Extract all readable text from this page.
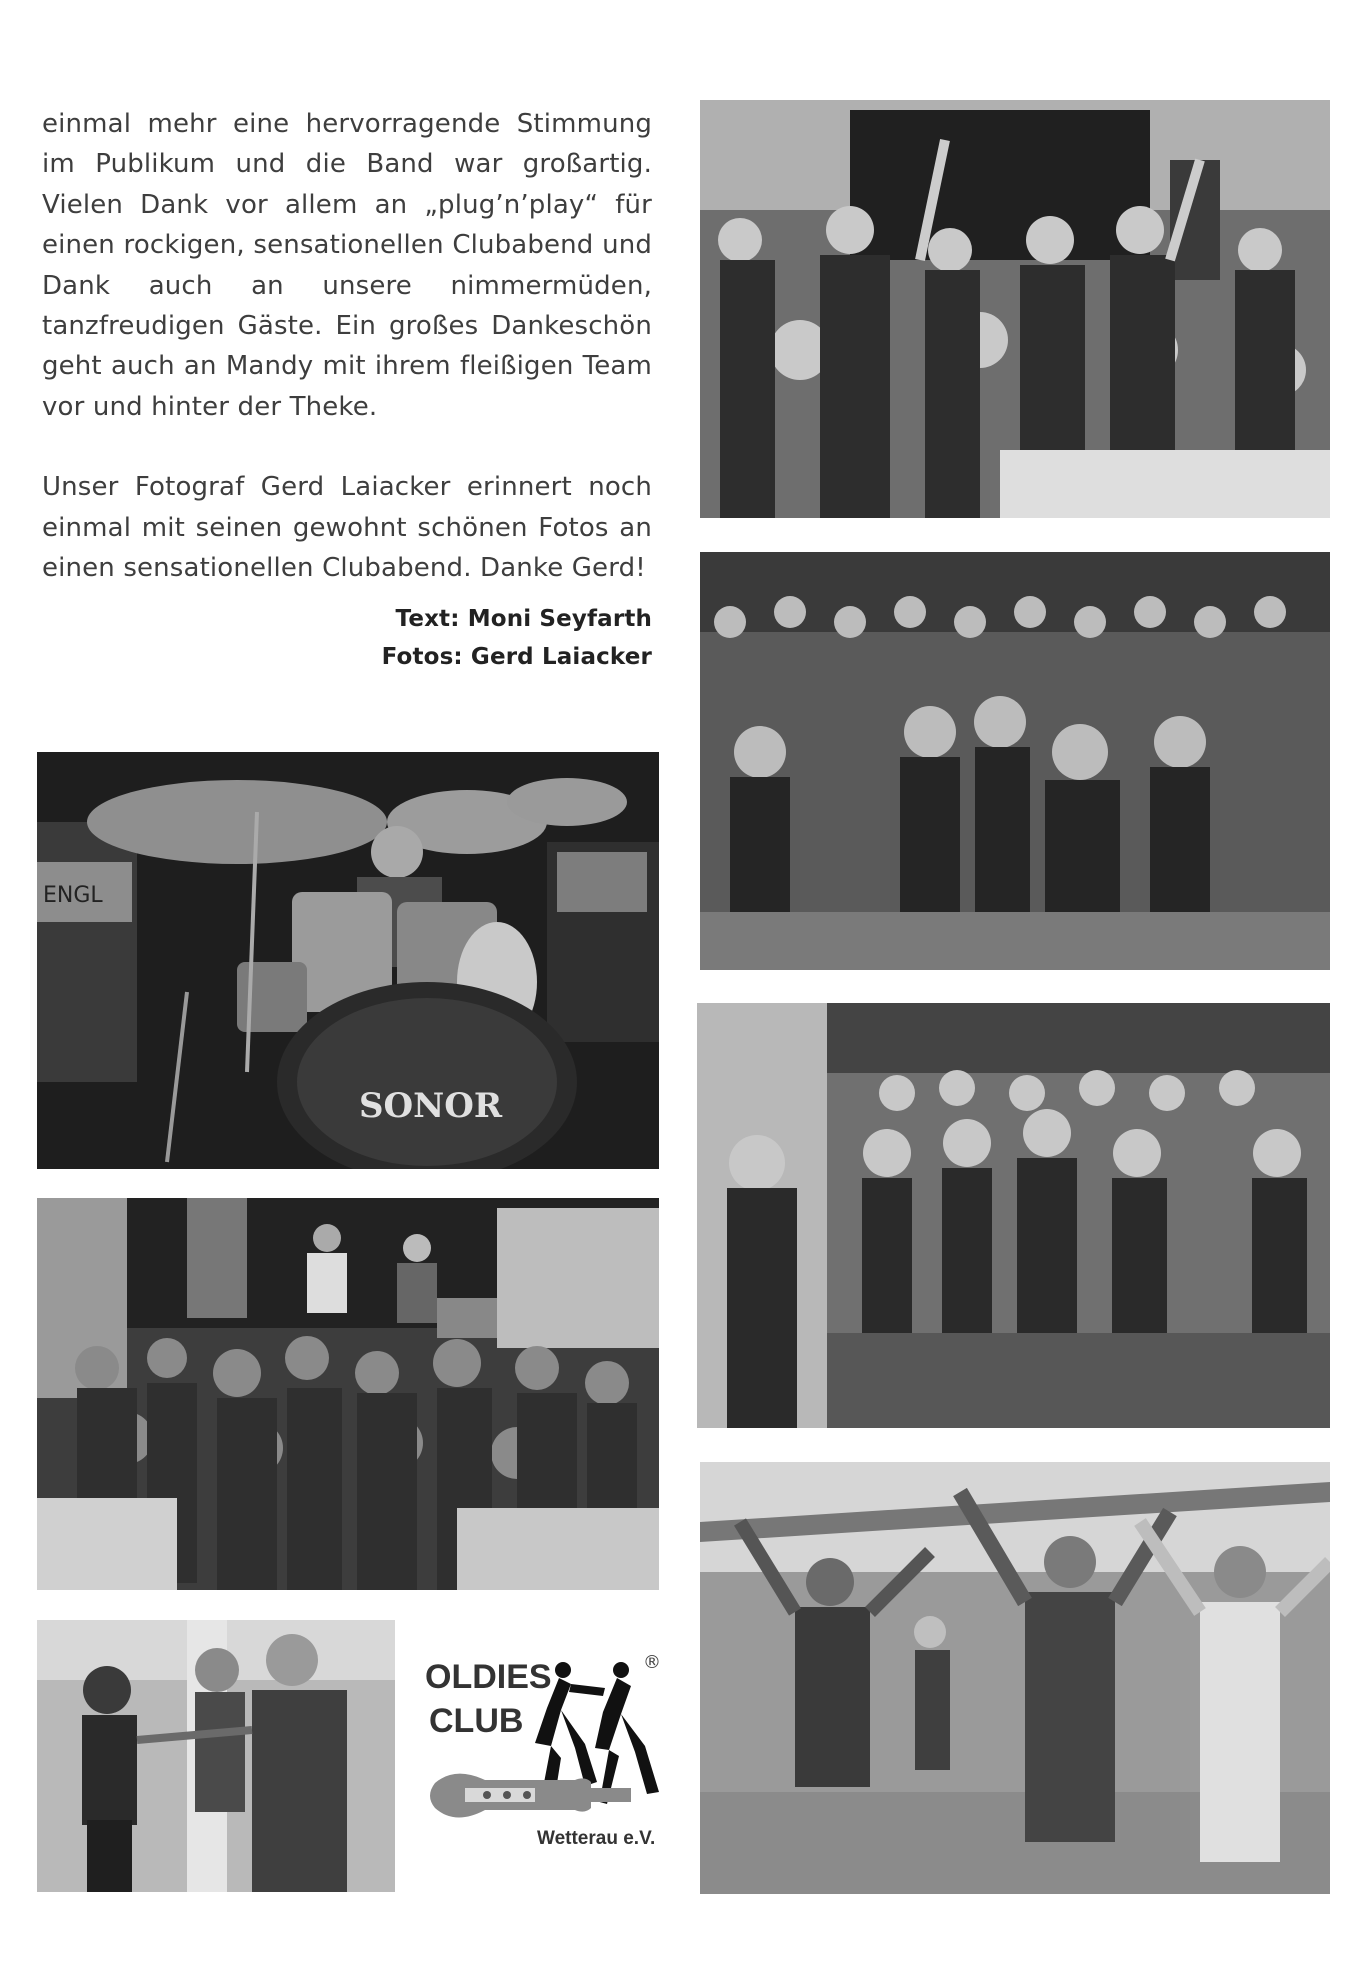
einmal mehr eine hervorragende Stimmung im Publikum und die Band war großartig. Vielen Dank vor allem an „plug’n’play“ für einen rockigen, sensationellen Clubabend und Dank auch an unsere nimmermüden, tanzfreudigen Gäste. Ein großes Dankeschön geht auch an Mandy mit ihrem fleißigen Team vor und hinter der Theke.

Unser Fotograf Gerd Laiacker erinnert noch einmal mit seinen gewohnt schönen Fotos an einen sensationellen Clubabend. Danke Gerd!

Text: Moni Seyfarth
Fotos: Gerd Laiacker
ENGL
SONOR
OLDIES
CLUB
®
Wetterau e.V.
